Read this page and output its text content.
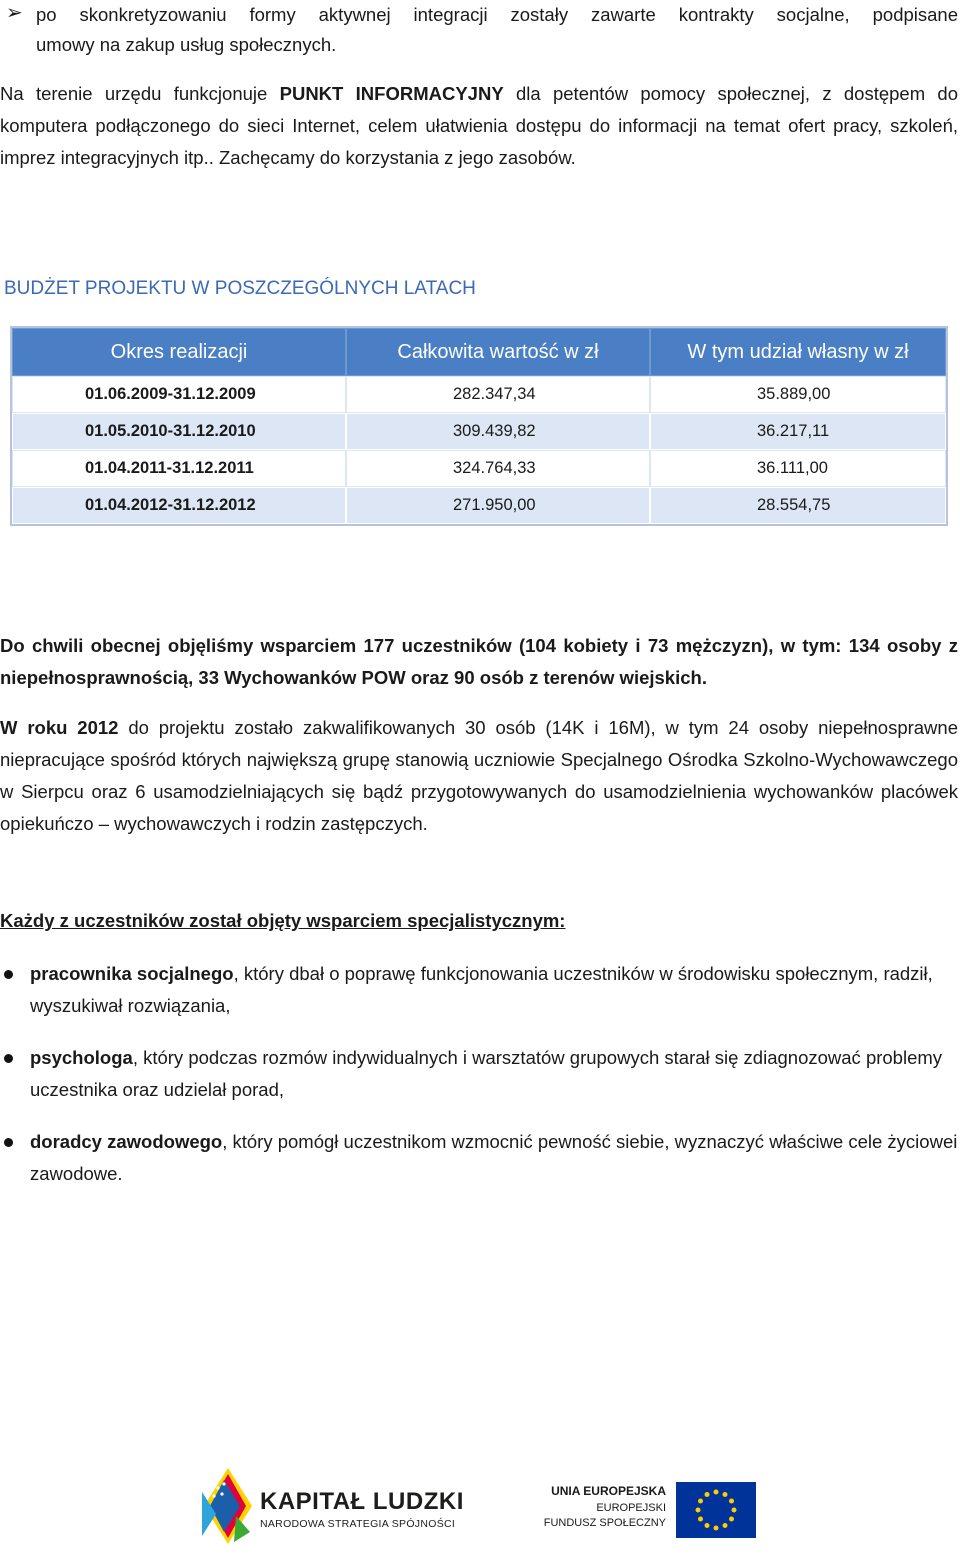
➢ po skonkretyzowaniu formy aktywnej integracji zostały zawarte kontrakty socjalne, podpisane
umowy na zakup usług społecznych.
Na terenie urzędu funkcjonuje PUNKT INFORMACYJNY dla petentów pomocy społecznej, z dostępem do komputera podłączonego do sieci Internet, celem ułatwienia dostępu do informacji na temat ofert pracy, szkoleń, imprez integracyjnych itp.. Zachęcamy do korzystania z jego zasobów.
BUDŻET PROJEKTU W POSZCZEGÓLNYCH LATACH
Okres realizacji	Całkowita wartość w zł	W tym udział własny w zł
01.06.2009-31.12.2009	282.347,34	35.889,00
01.05.2010-31.12.2010	309.439,82	36.217,11
01.04.2011-31.12.2011	324.764,33	36.111,00
01.04.2012-31.12.2012	271.950,00	28.554,75
Do chwili obecnej objęliśmy wsparciem 177 uczestników (104 kobiety i 73 mężczyzn), w tym: 134 osoby z niepełnosprawnością, 33 Wychowanków POW oraz 90 osób z terenów wiejskich.
W roku 2012 do projektu zostało zakwalifikowanych 30 osób (14K i 16M), w tym 24 osoby niepełnosprawne niepracujące spośród których największą grupę stanowią uczniowie Specjalnego Ośrodka Szkolno-Wychowawczego w Sierpcu oraz 6 usamodzielniających się bądź przygotowywanych do usamodzielnienia wychowanków placówek opiekuńczo – wychowawczych i rodzin zastępczych.
Każdy z uczestników został objęty wsparciem specjalistycznym:
pracownika socjalnego, który dbał o poprawę funkcjonowania uczestników w środowisku społecznym, radził, wyszukiwał rozwiązania,
psychologa, który podczas rozmów indywidualnych i warsztatów grupowych starał się zdiagnozować problemy uczestnika oraz udzielał porad,
doradcy zawodowego, który pomógł uczestnikom wzmocnić pewność siebie, wyznaczyć właściwe cele życiowei zawodowe.
KAPITAŁ LUDZKI
NARODOWA STRATEGIA SPÓJNOŚCI
UNIA EUROPEJSKA
EUROPEJSKI
FUNDUSZ SPOŁECZNY
